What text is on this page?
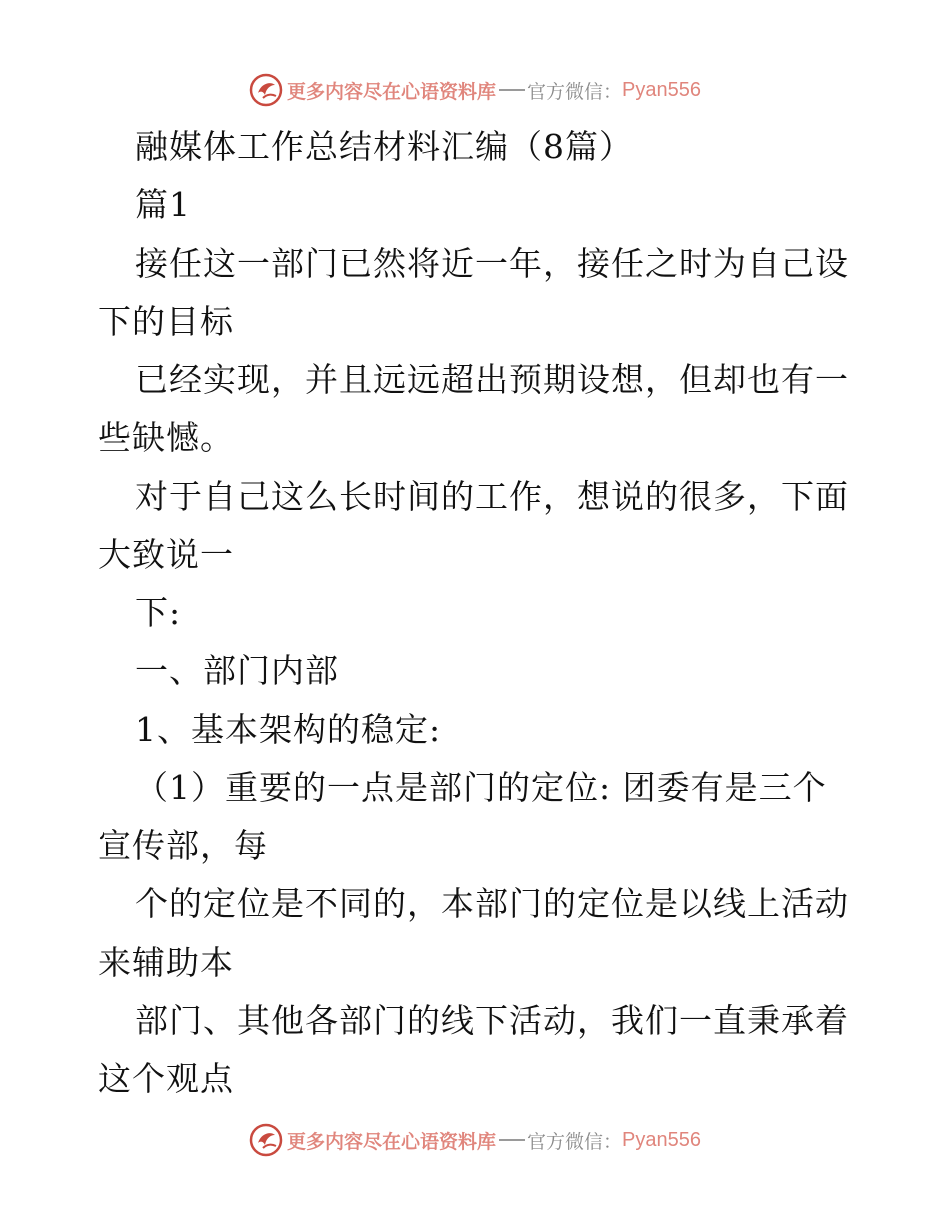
更多内容尽在心语资料库 官方微信： Pyan556
融媒体工作总结材料汇编（8篇）
篇1
接任这一部门已然将近一年，接任之时为自己设
下的目标
已经实现，并且远远超出预期设想，但却也有一
些缺憾。
对于自己这么长时间的工作，想说的很多，下面
大致说一
下:
一、部门内部
1、基本架构的稳定:
（1）重要的一点是部门的定位: 团委有是三个
宣传部，每
个的定位是不同的，本部门的定位是以线上活动
来辅助本
部门、其他各部门的线下活动，我们一直秉承着
这个观点
更多内容尽在心语资料库 官方微信： Pyan556
